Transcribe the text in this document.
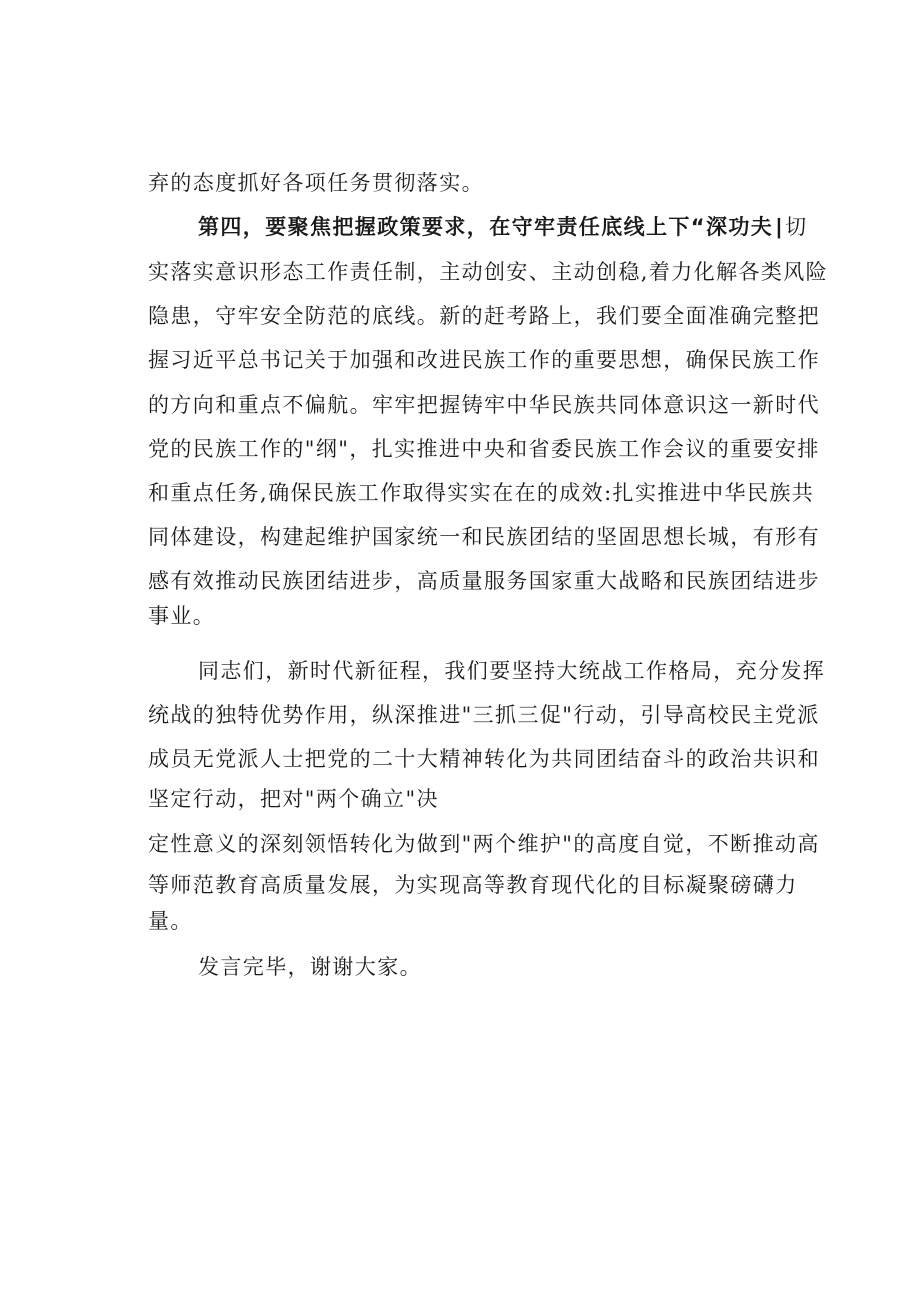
弃的态度抓好各项任务贯彻落实。
第四，要聚焦把握政策要求，在守牢责任底线上下“深功夫∣切
实落实意识形态工作责任制，主动创安、主动创稳,着力化解各类风险
隐患，守牢安全防范的底线。新的赶考路上，我们要全面准确完整把
握习近平总书记关于加强和改进民族工作的重要思想，确保民族工作
的方向和重点不偏航。牢牢把握铸牢中华民族共同体意识这一新时代
党的民族工作的"纲"，扎实推进中央和省委民族工作会议的重要安排
和重点任务,确保民族工作取得实实在在的成效:扎实推进中华民族共
同体建设，构建起维护国家统一和民族团结的坚固思想长城，有形有
感有效推动民族团结进步，高质量服务国家重大战略和民族团结进步
事业。
同志们，新时代新征程，我们要坚持大统战工作格局，充分发挥
统战的独特优势作用，纵深推进"三抓三促"行动，引导高校民主党派
成员无党派人士把党的二十大精神转化为共同团结奋斗的政治共识和
坚定行动，把对"两个确立"决
定性意义的深刻领悟转化为做到"两个维护"的高度自觉，不断推动高
等师范教育高质量发展，为实现高等教育现代化的目标凝聚磅礴力
量。
发言完毕，谢谢大家。
